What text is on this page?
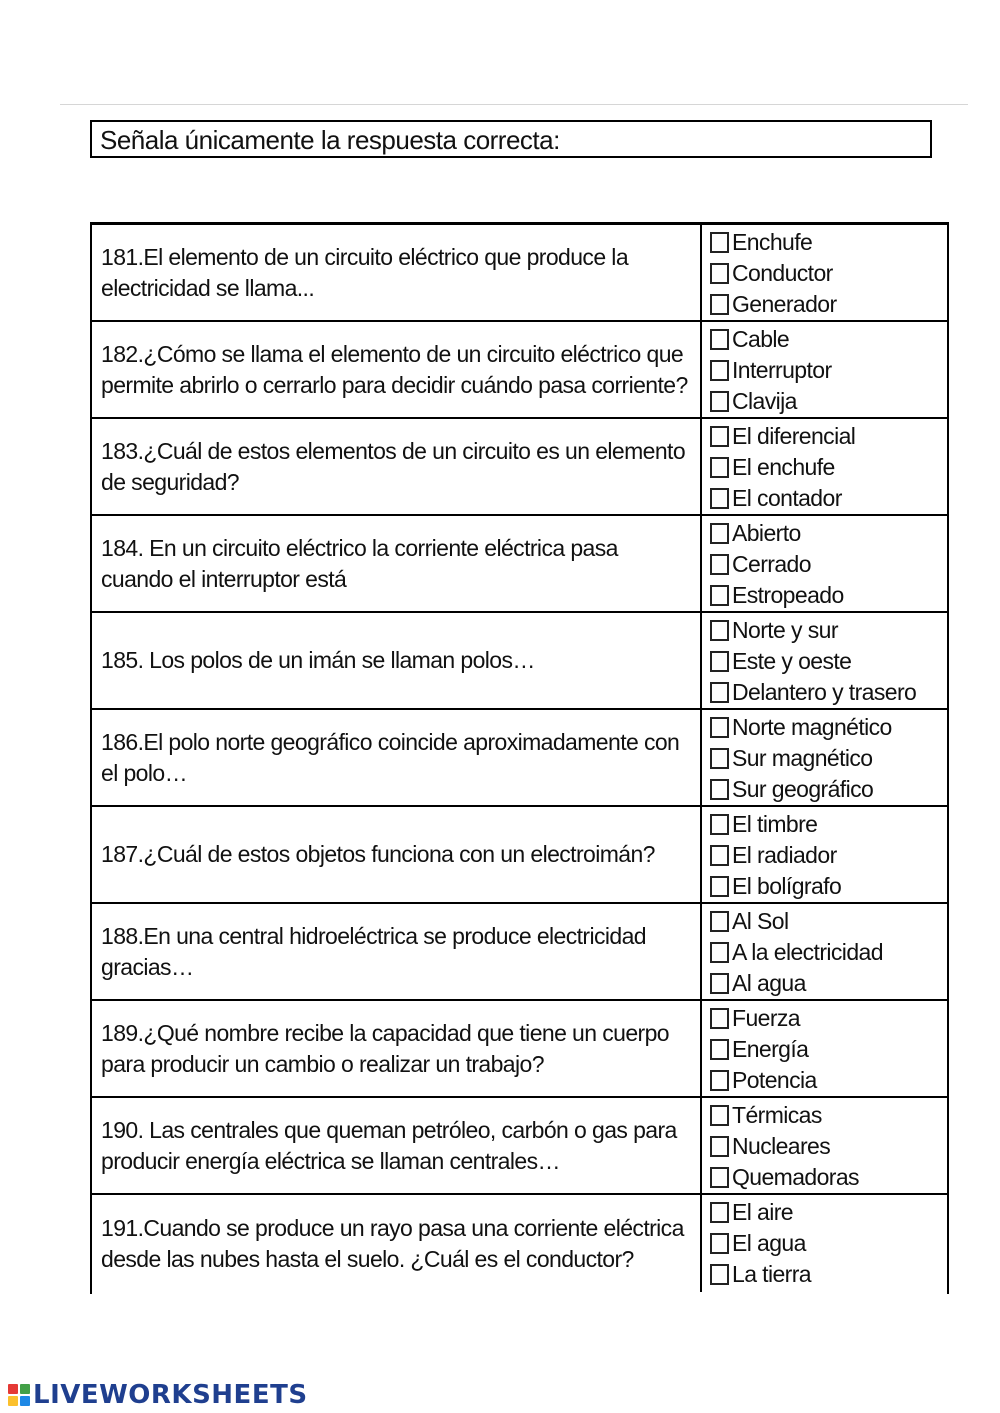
Señala únicamente la respuesta correcta:
181.El elemento de un circuito eléctrico que produce la electricidad se llama...
Enchufe
Conductor
Generador
182.¿Cómo se llama el elemento de un circuito eléctrico que permite abrirlo o cerrarlo para decidir cuándo pasa corriente?
Cable
Interruptor
Clavija
183.¿Cuál de estos elementos de un circuito es un elemento de seguridad?
El diferencial
El enchufe
El contador
184. En un circuito eléctrico la corriente eléctrica pasa cuando el interruptor está
Abierto
Cerrado
Estropeado
185. Los polos de un imán se llaman polos…
Norte y sur
Este y oeste
Delantero y trasero
186.El polo norte geográfico coincide aproximadamente con el polo…
Norte magnético
Sur magnético
Sur geográfico
187.¿Cuál de estos objetos funciona con un electroimán?
El timbre
El radiador
El bolígrafo
188.En una central hidroeléctrica se produce electricidad gracias…
Al Sol
A la electricidad
Al agua
189.¿Qué nombre recibe la capacidad que tiene un cuerpo para producir un cambio o realizar un trabajo?
Fuerza
Energía
Potencia
190. Las centrales que queman petróleo, carbón o gas para producir energía eléctrica se llaman centrales…
Térmicas
Nucleares
Quemadoras
191.Cuando se produce un rayo pasa una corriente eléctrica desde las nubes hasta el suelo. ¿Cuál es el conductor?
El aire
El agua
La tierra
LIVEWORKSHEETS
